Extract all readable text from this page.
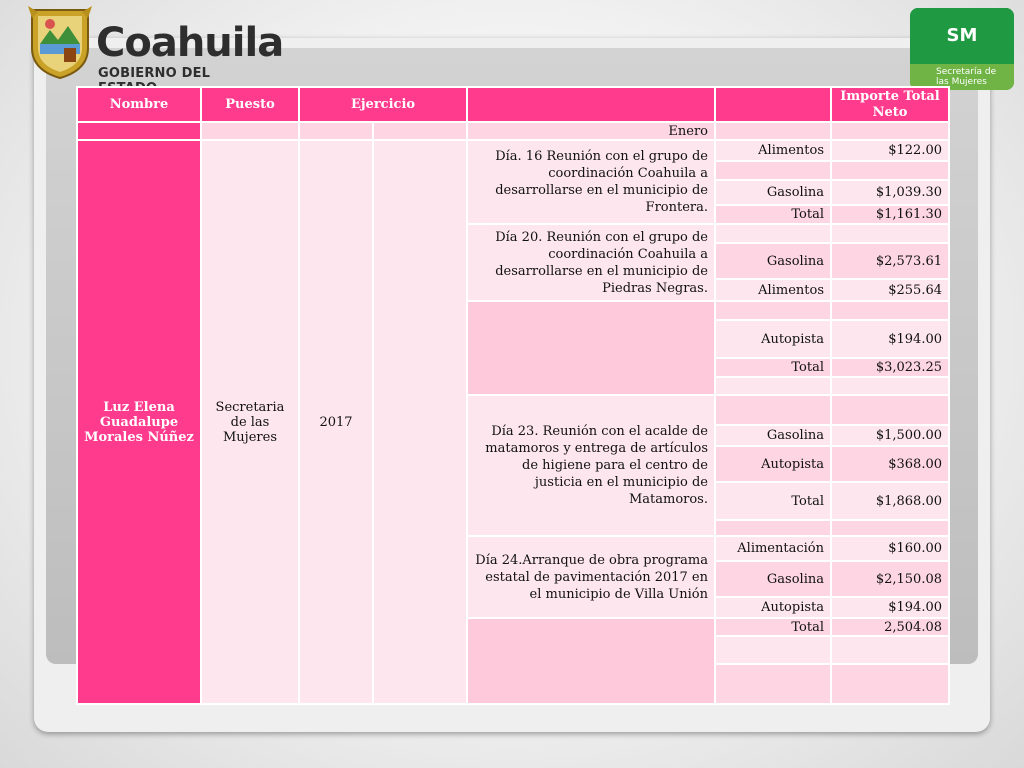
Coahuila
GOBIERNO DEL
SM
Secretaría de
las Mujeres
Nombre	Puesto	Ejercicio				Importe Total Neto
				Enero		
Luz Elena Guadalupe Morales Núñez	Secretaria de las Mujeres	2017		Día. 16 Reunión con el grupo de coordinación Coahuila a desarrollarse en el municipio de Frontera.	Alimentos	$122.00

					Gasolina	$1,039.30
					Total	$1,161.30
				Día 20. Reunión con el grupo de coordinación Coahuila a desarrollarse en el municipio de Piedras Negras.		
					Gasolina	$2,573.61
					Alimentos	$255.64

					Autopista	$194.00
					Total	$3,023.25

				Día 23. Reunión con el acalde de matamoros y entrega de artículos de higiene para el centro de justicia en el municipio de Matamoros.		
					Gasolina	$1,500.00
					Autopista	$368.00
					Total	$1,868.00

				Día 24.Arranque de obra programa estatal de pavimentación 2017 en el municipio de Villa Unión	Alimentación	$160.00
					Gasolina	$2,150.08
					Autopista	$194.00
					Total	2,504.08
